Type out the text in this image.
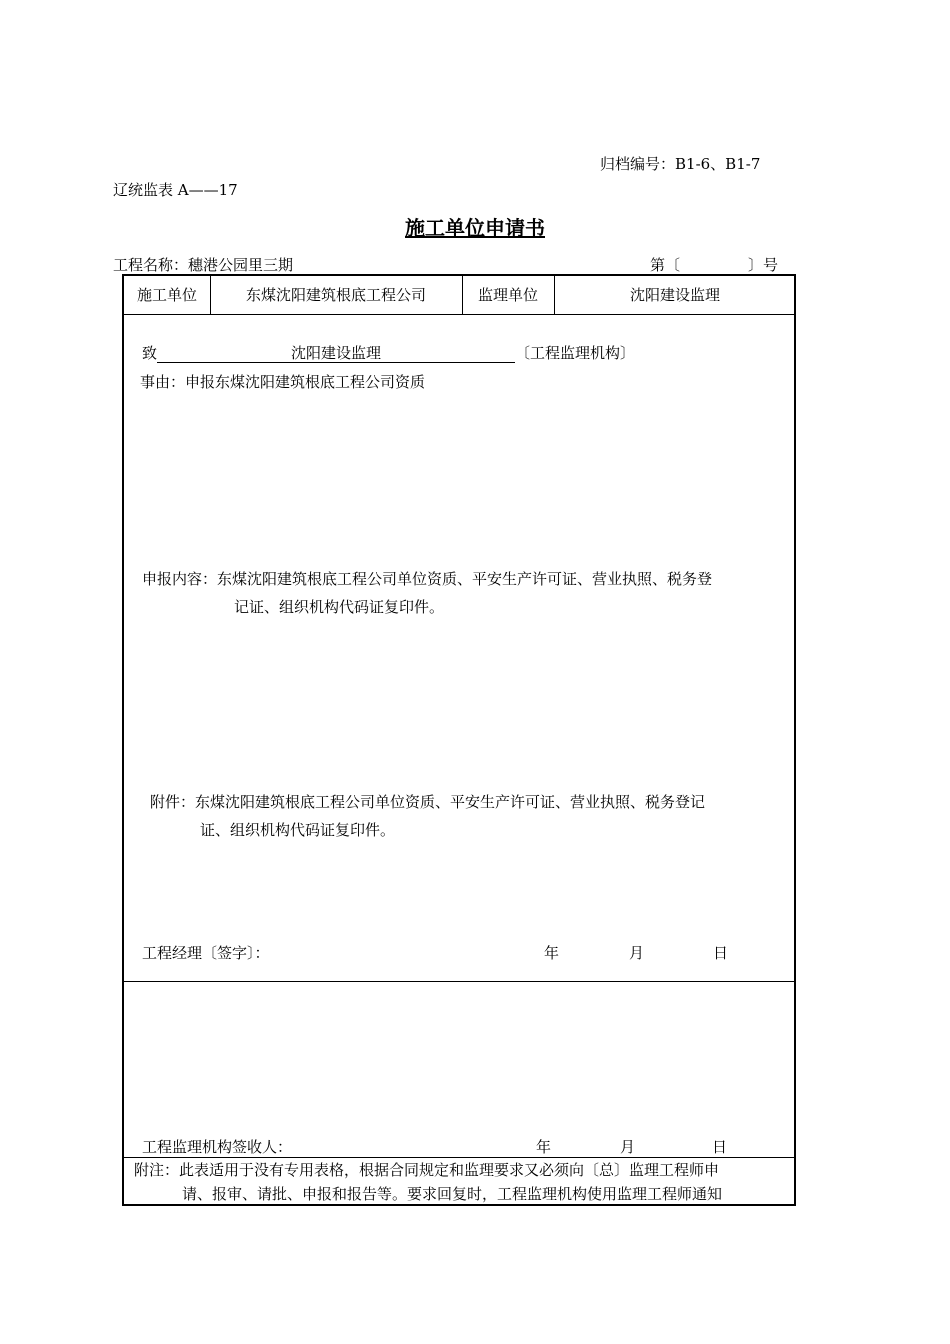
归档编号：B1-6、B1-7
辽统监表 A——17
施工单位申请书
工程名称：穗港公园里三期	第〔	〕号
施工单位	东煤沈阳建筑根底工程公司	监理单位	沈阳建设监理
致	沈阳建设监理	〔工程监理机构〕
事由：申报东煤沈阳建筑根底工程公司资质
申报内容：东煤沈阳建筑根底工程公司单位资质、平安生产许可证、营业执照、税务登
记证、组织机构代码证复印件。
附件：东煤沈阳建筑根底工程公司单位资质、平安生产许可证、营业执照、税务登记
证、组织机构代码证复印件。
工程经理〔签字〕：	年	月	日
工程监理机构签收人：	年	月	日
附注：此表适用于没有专用表格，根据合同规定和监理要求又必须向〔总〕监理工程师申
请、报审、请批、申报和报告等。要求回复时，工程监理机构使用监理工程师通知
